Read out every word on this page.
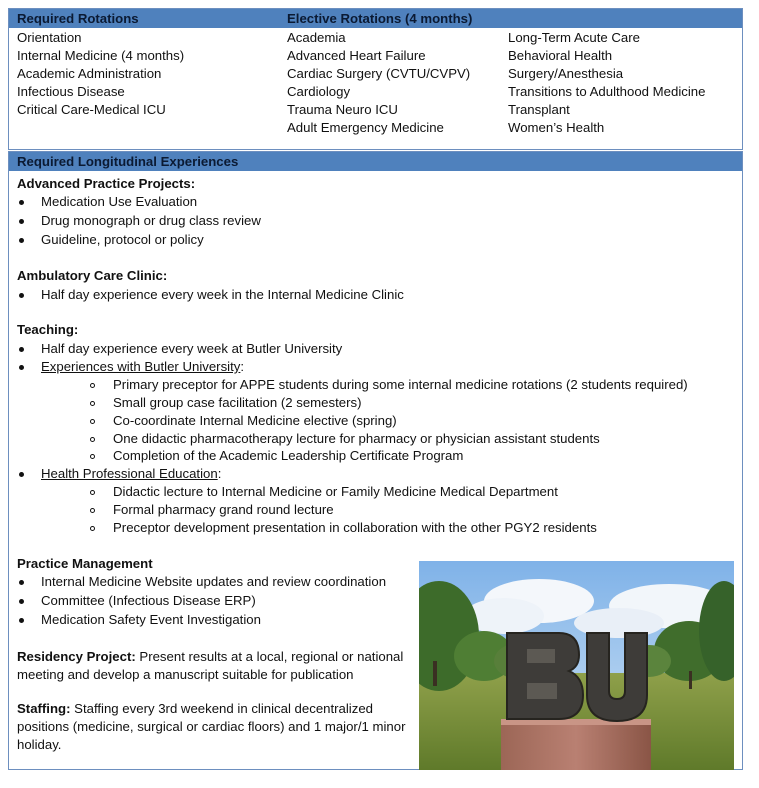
Required Rotations	Elective Rotations (4 months)
Orientation
Internal Medicine (4 months)
Academic Administration
Infectious Disease
Critical Care-Medical ICU
Academia
Advanced Heart Failure
Cardiac Surgery (CVTU/CVPV)
Cardiology
Trauma Neuro ICU
Adult Emergency Medicine
Long-Term Acute Care
Behavioral Health
Surgery/Anesthesia
Transitions to Adulthood Medicine
Transplant
Women’s Health
Required Longitudinal Experiences
Advanced Practice Projects:
Medication Use Evaluation
Drug monograph or drug class review
Guideline, protocol or policy
Ambulatory Care Clinic:
Half day experience every week in the Internal Medicine Clinic
Teaching:
Half day experience every week at Butler University
Experiences with Butler University:
Primary preceptor for APPE students during some internal medicine rotations (2 students required)
Small group case facilitation (2 semesters)
Co-coordinate Internal Medicine elective (spring)
One didactic pharmacotherapy lecture for pharmacy or physician assistant students
Completion of the Academic Leadership Certificate Program
Health Professional Education:
Didactic lecture to Internal Medicine or Family Medicine Medical Department
Formal pharmacy grand round lecture
Preceptor development presentation in collaboration with the other PGY2 residents
Practice Management
Internal Medicine Website updates and review coordination
Committee (Infectious Disease ERP)
Medication Safety Event Investigation
Residency Project: Present results at a local, regional or national meeting and develop a manuscript suitable for publication
Staffing: Staffing every 3rd weekend in clinical decentralized positions (medicine, surgical or cardiac floors) and 1 major/1 minor holiday.
